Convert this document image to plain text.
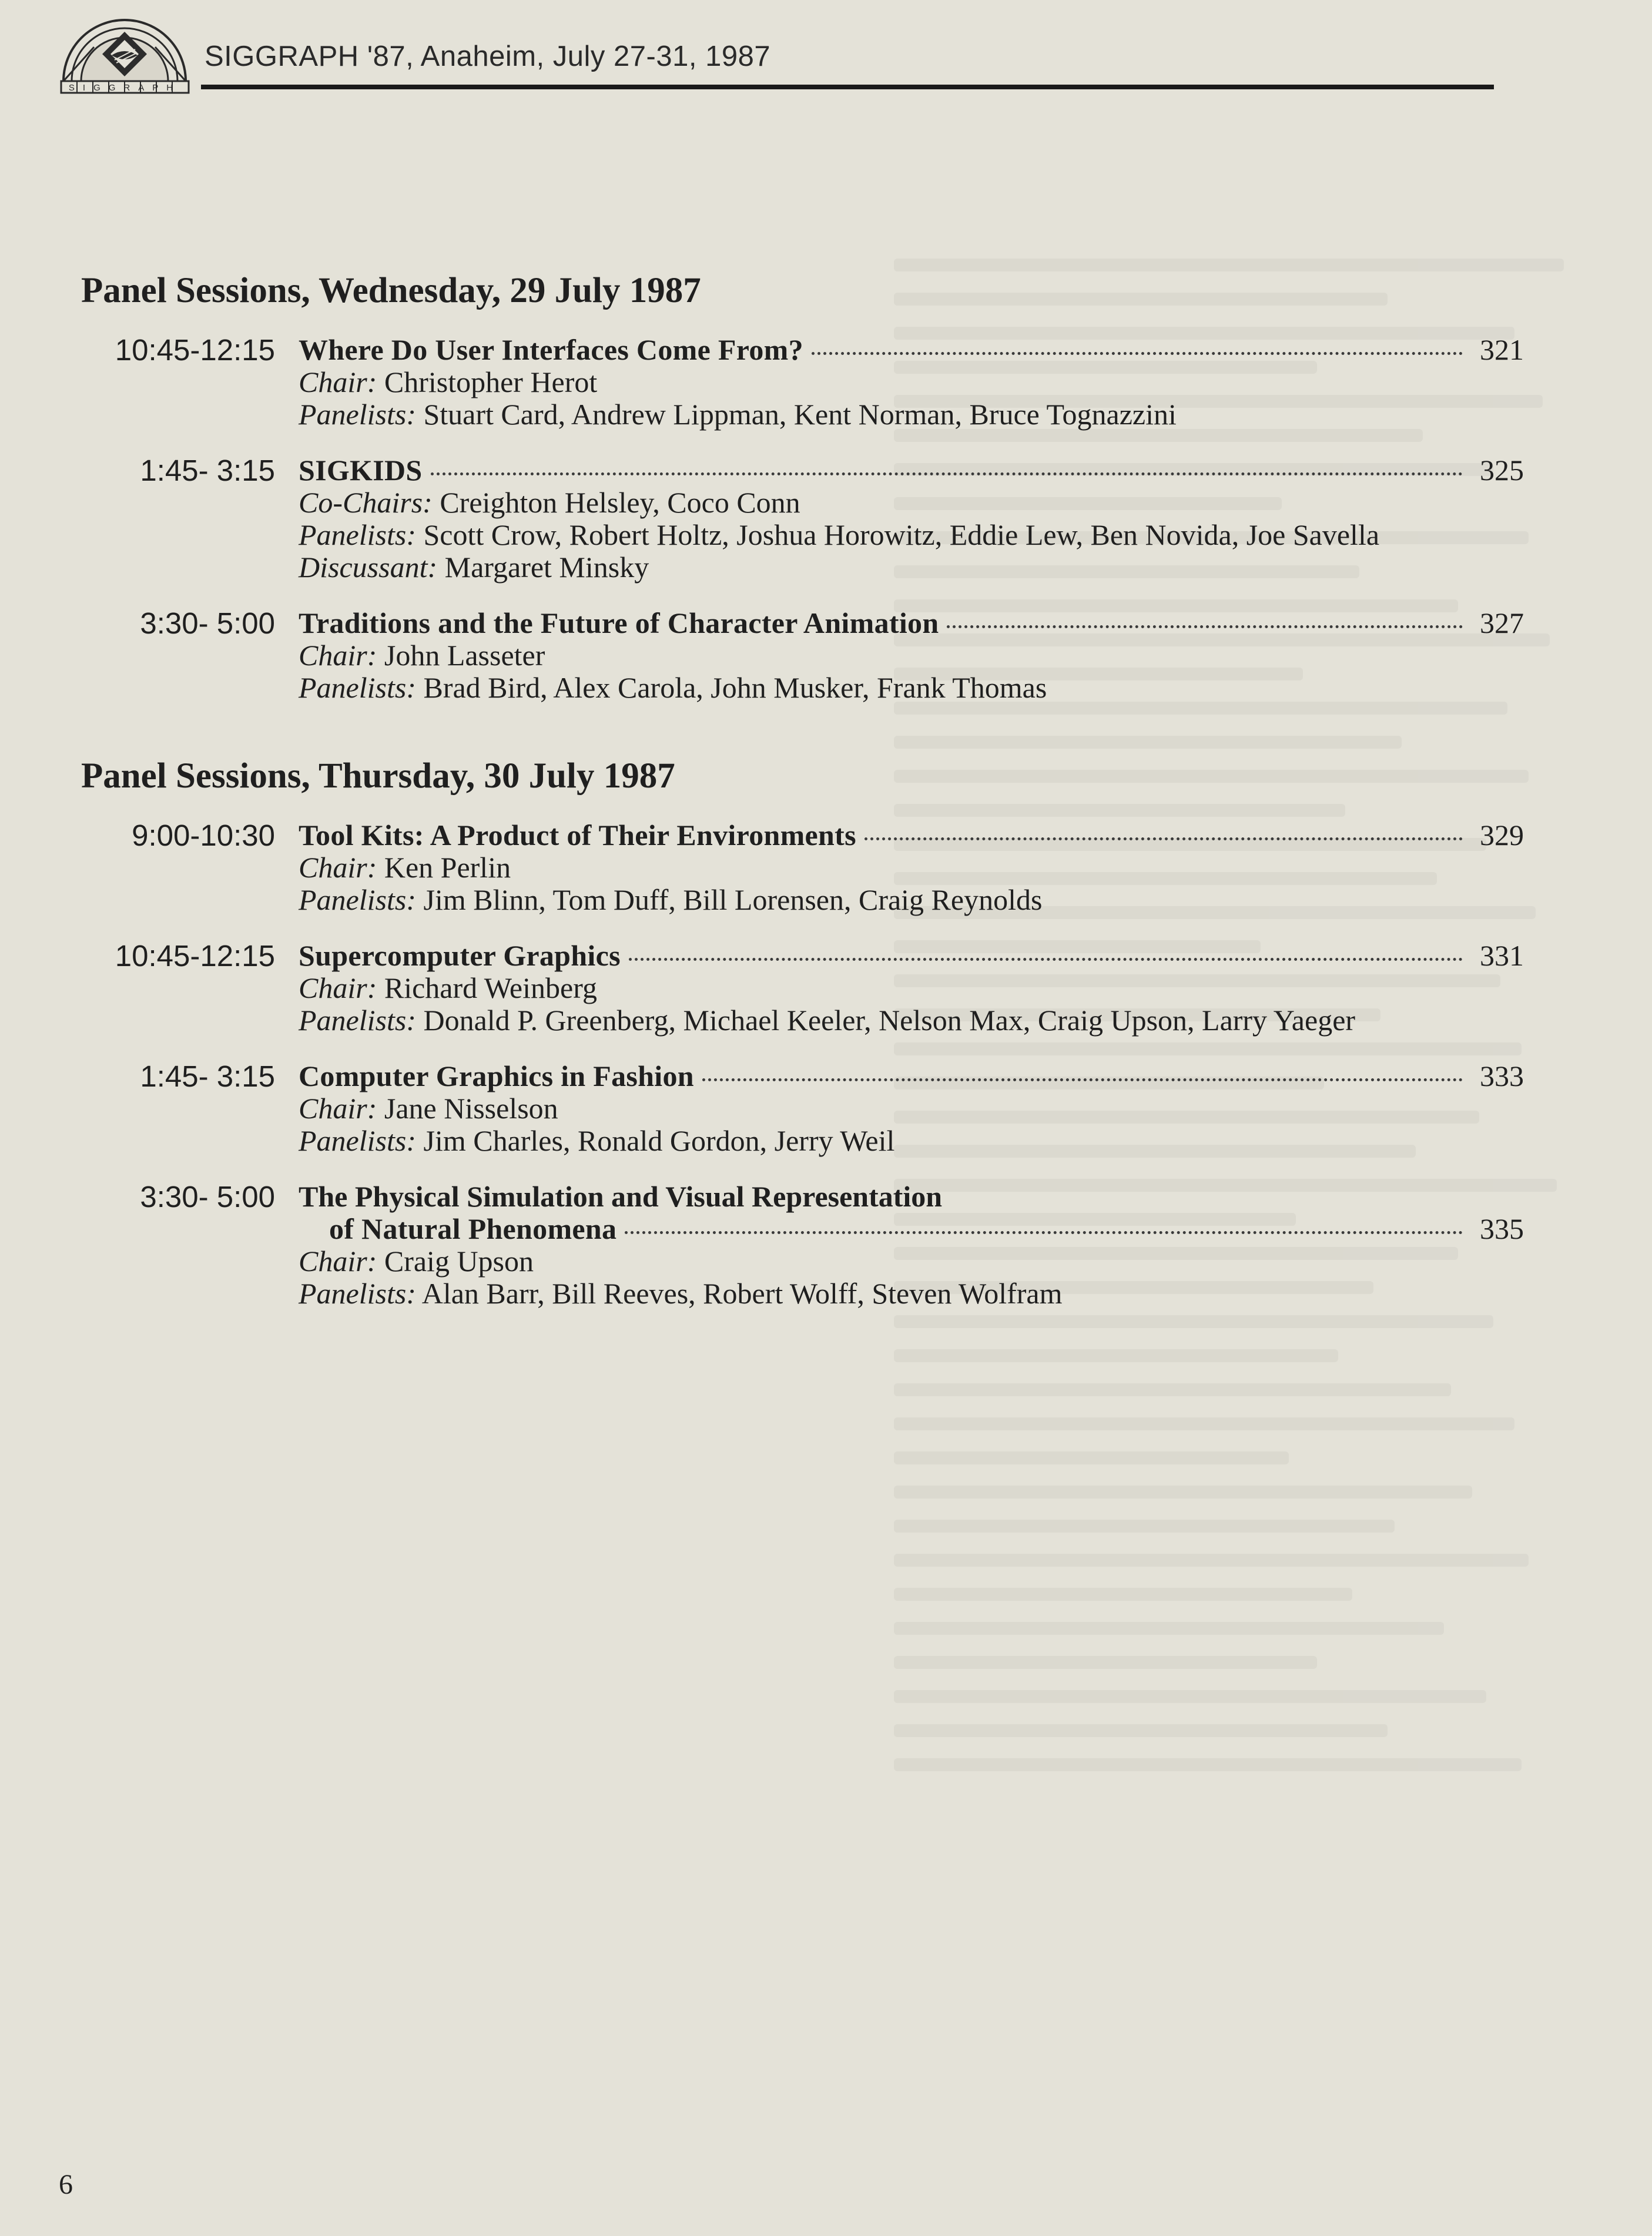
SIGGRAPH
SIGGRAPH '87, Anaheim, July 27-31, 1987
Panel Sessions, Wednesday, 29 July 1987
10:45-12:15 Where Do User Interfaces Come From?	321
Chair: Christopher Herot
Panelists: Stuart Card, Andrew Lippman, Kent Norman, Bruce Tognazzini
1:45- 3:15 SIGKIDS	325
Co-Chairs: Creighton Helsley, Coco Conn
Panelists: Scott Crow, Robert Holtz, Joshua Horowitz, Eddie Lew, Ben Novida, Joe Savella
Discussant: Margaret Minsky
3:30- 5:00 Traditions and the Future of Character Animation	327
Chair: John Lasseter
Panelists: Brad Bird, Alex Carola, John Musker, Frank Thomas
Panel Sessions, Thursday, 30 July 1987
9:00-10:30 Tool Kits: A Product of Their Environments	329
Chair: Ken Perlin
Panelists: Jim Blinn, Tom Duff, Bill Lorensen, Craig Reynolds
10:45-12:15 Supercomputer Graphics	331
Chair: Richard Weinberg
Panelists: Donald P. Greenberg, Michael Keeler, Nelson Max, Craig Upson, Larry Yaeger
1:45- 3:15 Computer Graphics in Fashion	333
Chair: Jane Nisselson
Panelists: Jim Charles, Ronald Gordon, Jerry Weil
3:30- 5:00 The Physical Simulation and Visual Representation
of Natural Phenomena	335
Chair: Craig Upson
Panelists: Alan Barr, Bill Reeves, Robert Wolff, Steven Wolfram
6
